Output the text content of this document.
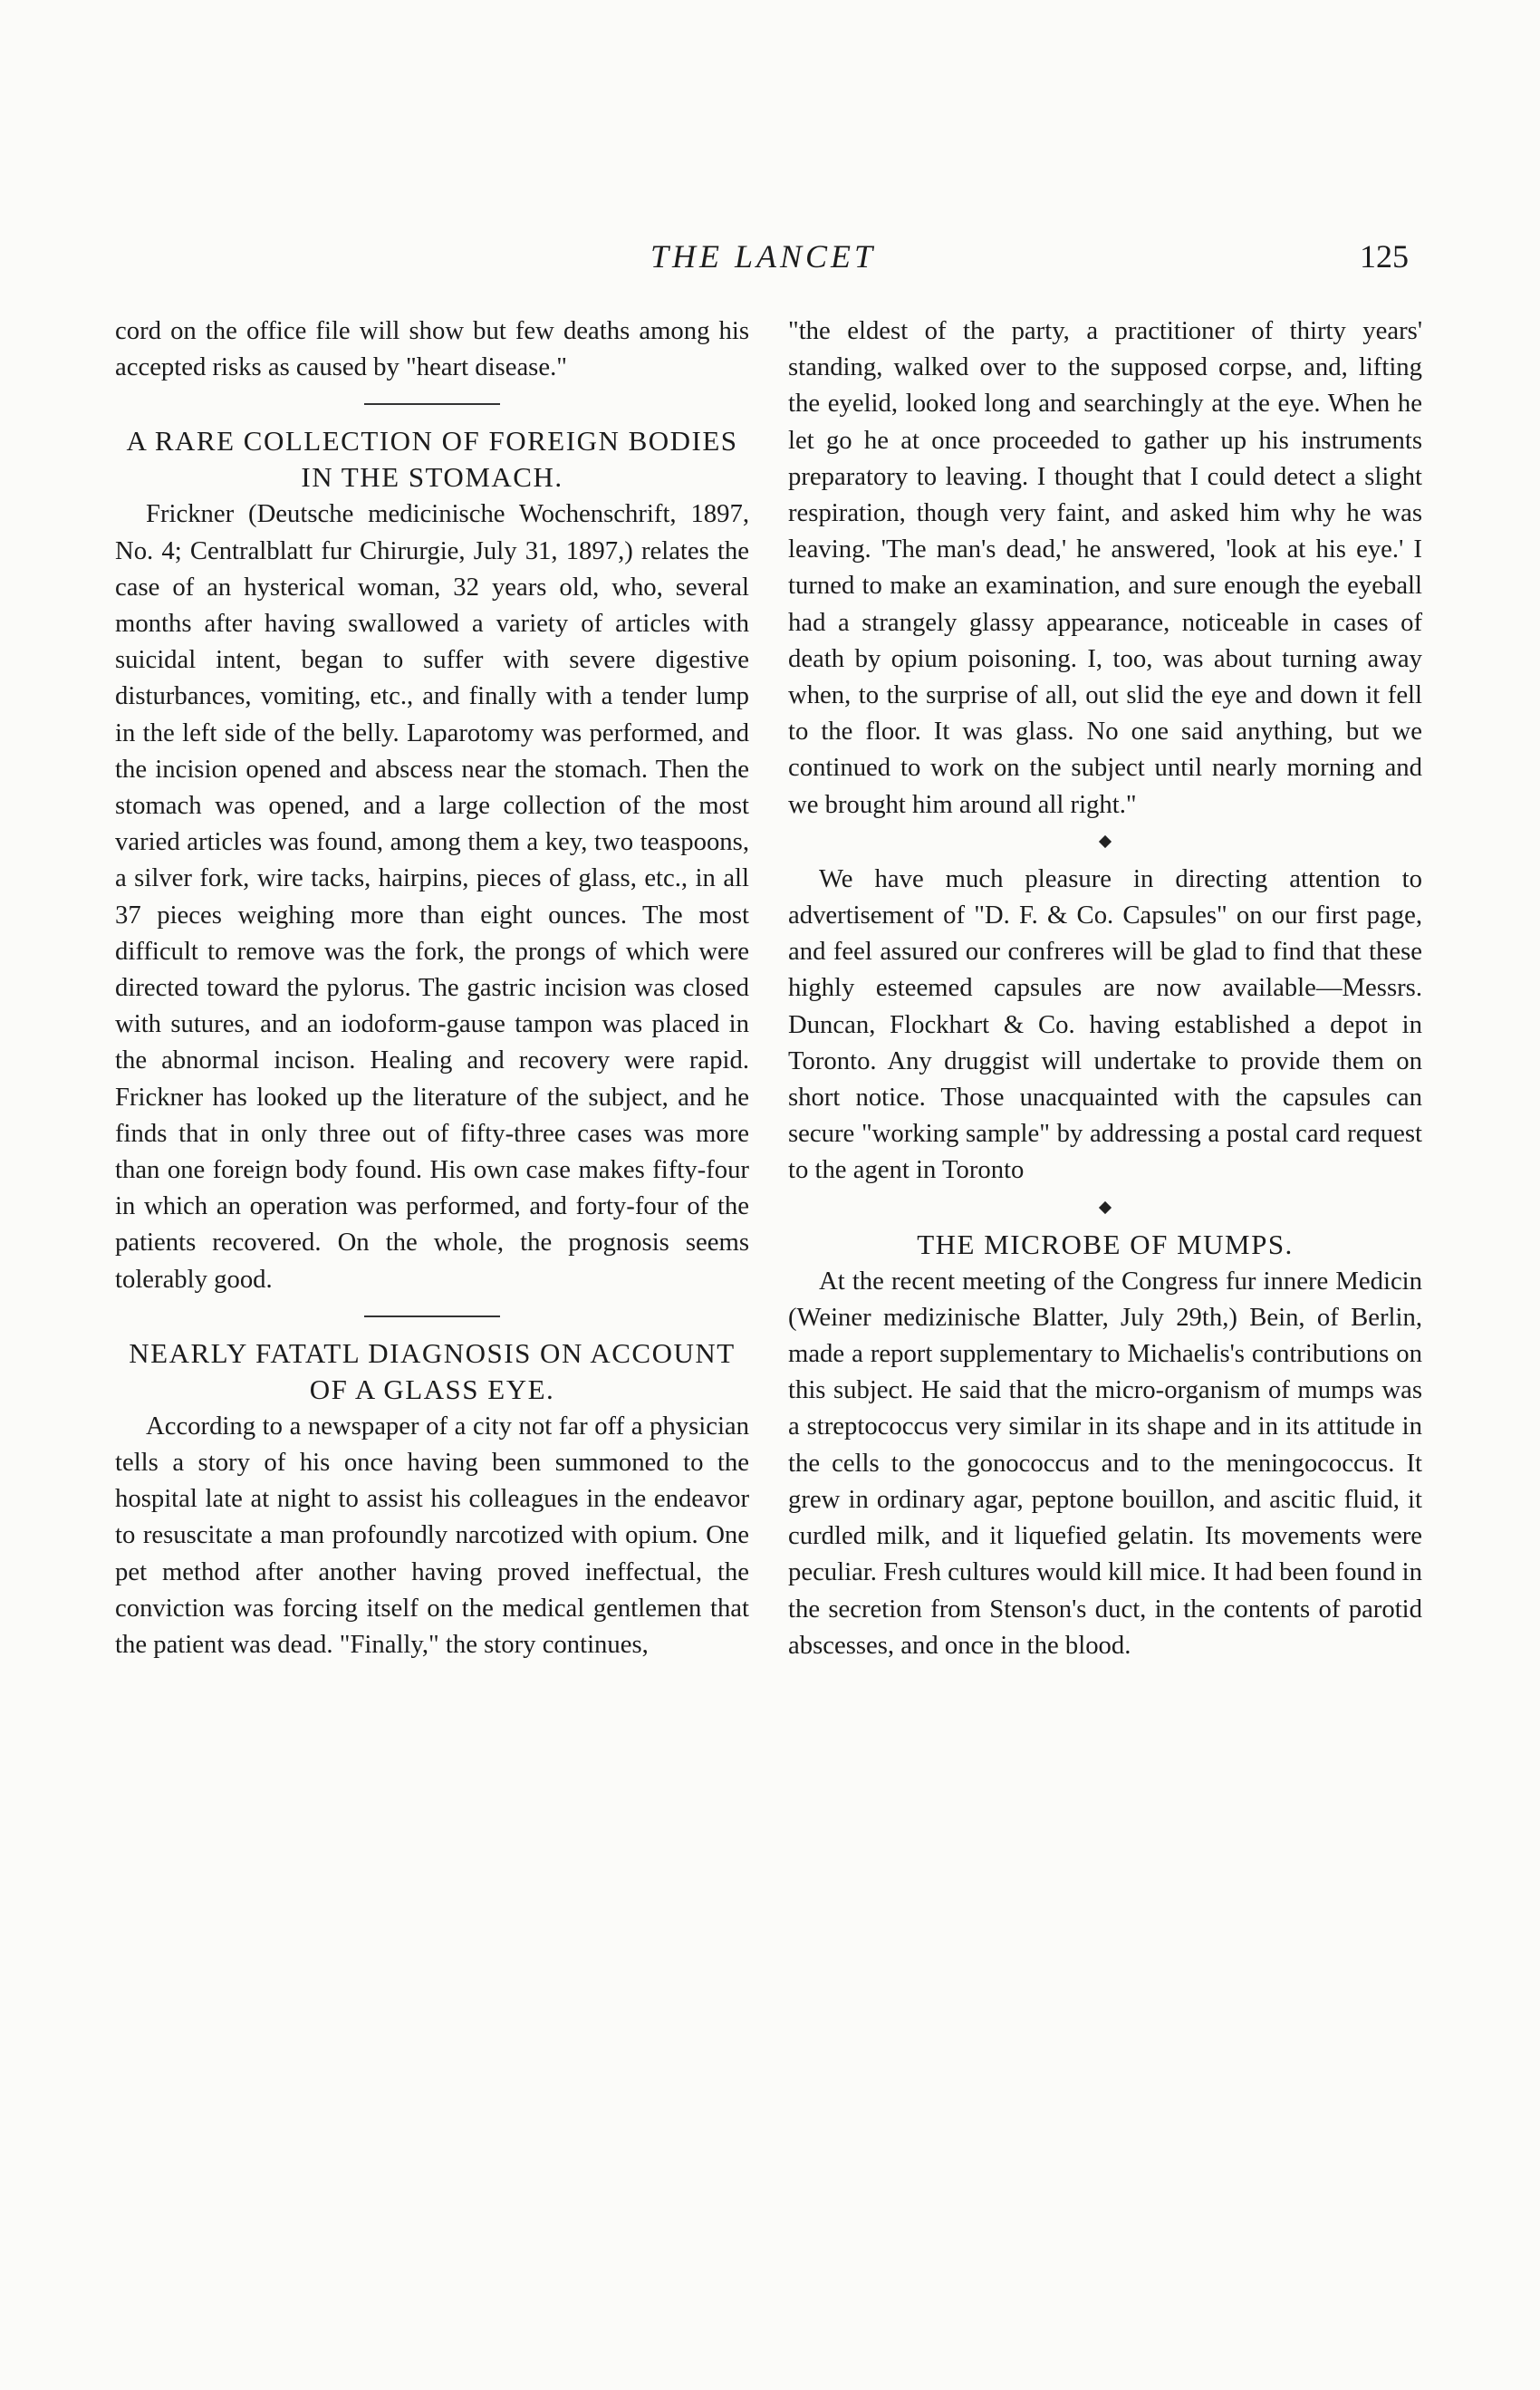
THE LANCET	125

cord on the office file will show but few deaths among his accepted risks as caused by "heart disease."

A RARE COLLECTION OF FOREIGN BODIES IN THE STOMACH.

Frickner (Deutsche medicinische Wochenschrift, 1897, No. 4; Centralblatt fur Chirurgie, July 31, 1897,) relates the case of an hysterical woman, 32 years old, who, several months after having swallowed a variety of articles with suicidal intent, began to suffer with severe digestive disturbances, vomiting, etc., and finally with a tender lump in the left side of the belly. Laparotomy was performed, and the incision opened and abscess near the stomach. Then the stomach was opened, and a large collection of the most varied articles was found, among them a key, two teaspoons, a silver fork, wire tacks, hairpins, pieces of glass, etc., in all 37 pieces weighing more than eight ounces. The most difficult to remove was the fork, the prongs of which were directed toward the pylorus. The gastric incision was closed with sutures, and an iodoform-gause tampon was placed in the abnormal incison. Healing and recovery were rapid. Frickner has looked up the literature of the subject, and he finds that in only three out of fifty-three cases was more than one foreign body found. His own case makes fifty-four in which an operation was performed, and forty-four of the patients recovered. On the whole, the prognosis seems tolerably good.

NEARLY FATATL DIAGNOSIS ON ACCOUNT OF A GLASS EYE.

According to a newspaper of a city not far off a physician tells a story of his once having been summoned to the hospital late at night to assist his colleagues in the endeavor to resuscitate a man profoundly narcotized with opium. One pet method after another having proved ineffectual, the conviction was forcing itself on the medical gentlemen that the patient was dead. "Finally," the story continues,

"the eldest of the party, a practitioner of thirty years' standing, walked over to the supposed corpse, and, lifting the eyelid, looked long and searchingly at the eye. When he let go he at once proceeded to gather up his instruments preparatory to leaving. I thought that I could detect a slight respiration, though very faint, and asked him why he was leaving. 'The man's dead,' he answered, 'look at his eye.' I turned to make an examination, and sure enough the eyeball had a strangely glassy appearance, noticeable in cases of death by opium poisoning. I, too, was about turning away when, to the surprise of all, out slid the eye and down it fell to the floor. It was glass. No one said anything, but we continued to work on the subject until nearly morning and we brought him around all right."

We have much pleasure in directing attention to advertisement of "D. F. & Co. Capsules" on our first page, and feel assured our confreres will be glad to find that these highly esteemed capsules are now available—Messrs. Duncan, Flockhart & Co. having established a depot in Toronto. Any druggist will undertake to provide them on short notice. Those unacquainted with the capsules can secure "working sample" by addressing a postal card request to the agent in Toronto

THE MICROBE OF MUMPS.

At the recent meeting of the Congress fur innere Medicin (Weiner medizinische Blatter, July 29th,) Bein, of Berlin, made a report supplementary to Michaelis's contributions on this subject. He said that the micro-organism of mumps was a streptococcus very similar in its shape and in its attitude in the cells to the gonococcus and to the meningococcus. It grew in ordinary agar, peptone bouillon, and ascitic fluid, it curdled milk, and it liquefied gelatin. Its movements were peculiar. Fresh cultures would kill mice. It had been found in the secretion from Stenson's duct, in the contents of parotid abscesses, and once in the blood.
